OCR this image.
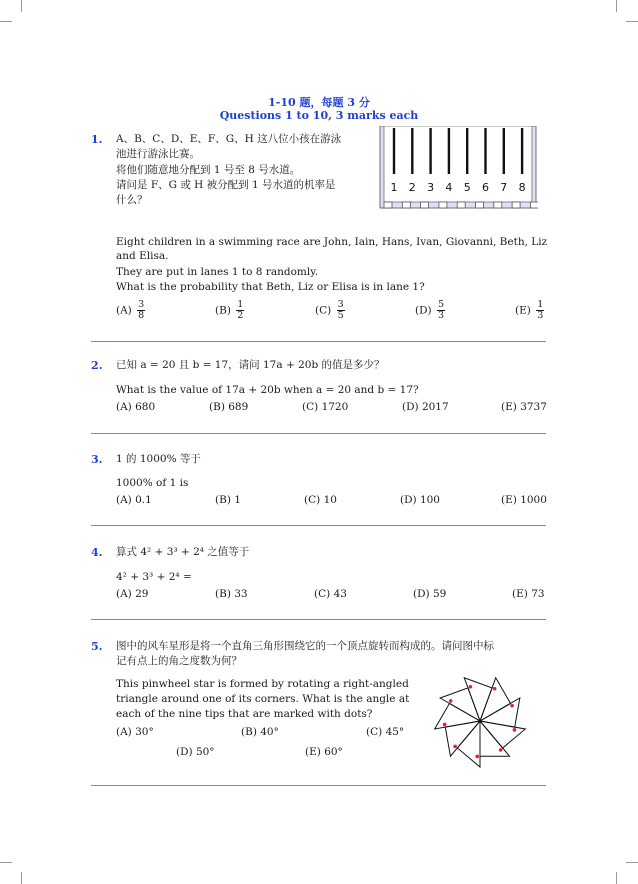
1-10 题，每题 3 分
Questions 1 to 10, 3 marks each
1. A、B、C、D、E、F、G、H 这八位小孩在游泳
池进行游泳比赛。
将他们随意地分配到 1 号至 8 号水道。
请问是 F、G 或 H 被分配到 1 号水道的机率是
什么？
1 2 3 4 5 6 7 8
Eight children in a swimming race are John, Iain, Hans, Ivan, Giovanni, Beth, Liz
and Elisa.
They are put in lanes 1 to 8 randomly.
What is the probability that Beth, Liz or Elisa is in lane 1?
$(A) \frac{3}{8}$	$(B) \frac{1}{2}$	$(C) \frac{3}{5}$	$(D) \frac{5}{3}$	$(E) \frac{1}{3}$
2. 已知 a = 20 且 b = 17，请问 17a + 20b 的值是多少？
What is the value of 17a + 20b when a = 20 and b = 17?
(A) 680	(B) 689	(C) 1720	(D) 2017	(E) 3737
3. 1 的 1000% 等于
1000% of 1 is
(A) 0.1	(B) 1	(C) 10	(D) 100	(E) 1000
4. 算式 4² + 3³ + 2⁴ 之值等于
4² + 3³ + 2⁴ =
(A) 29	(B) 33	(C) 43	(D) 59	(E) 73
5. 图中的风车星形是将一个直角三角形围绕它的一个顶点旋转而构成的。请问图中标
记有点上的角之度数为何？
This pinwheel star is formed by rotating a right-angled
triangle around one of its corners. What is the angle at
each of the nine tips that are marked with dots?
(A) 30°	(B) 40°	(C) 45°
(D) 50°	(E) 60°
